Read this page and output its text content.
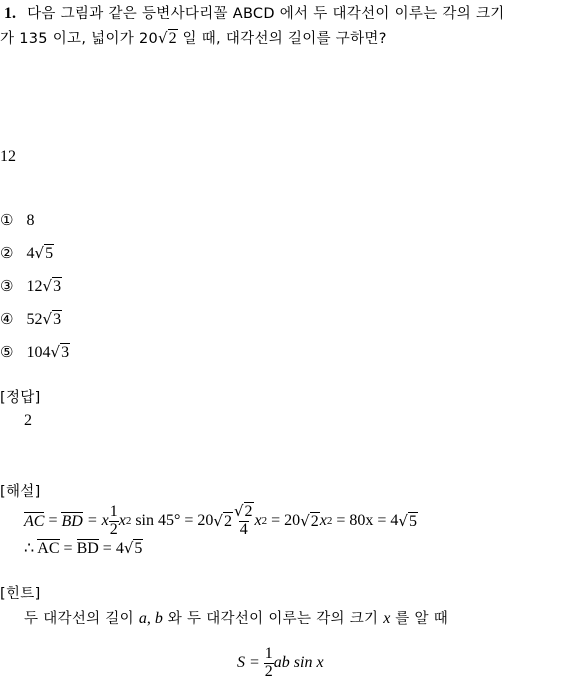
1. 다음 그림과 같은 등변사다리꼴 ABCD 에서 두 대각선이 이루는 각의 크기
가 135 이고, 넓이가 20√2 일 때, 대각선의 길이를 구하면?
12
① 8
② 4√5
③ 12√3
④ 52√3
⑤ 104√3
[정답]
2
[해설]
AC = BD = x $\frac{1}{2}$ x 2 sin 45° = 20 $√2 \frac{√2}{4}$ x 2 = 20 √2 x 2 = 80x = 4 √5
∴ AC = BD = 4√5
[힌트]
두 대각선의 길이 a, b 와 두 대각선이 이루는 각의 크기 x 를 알 때
$S = \frac{1}{2}$ ab sin x
